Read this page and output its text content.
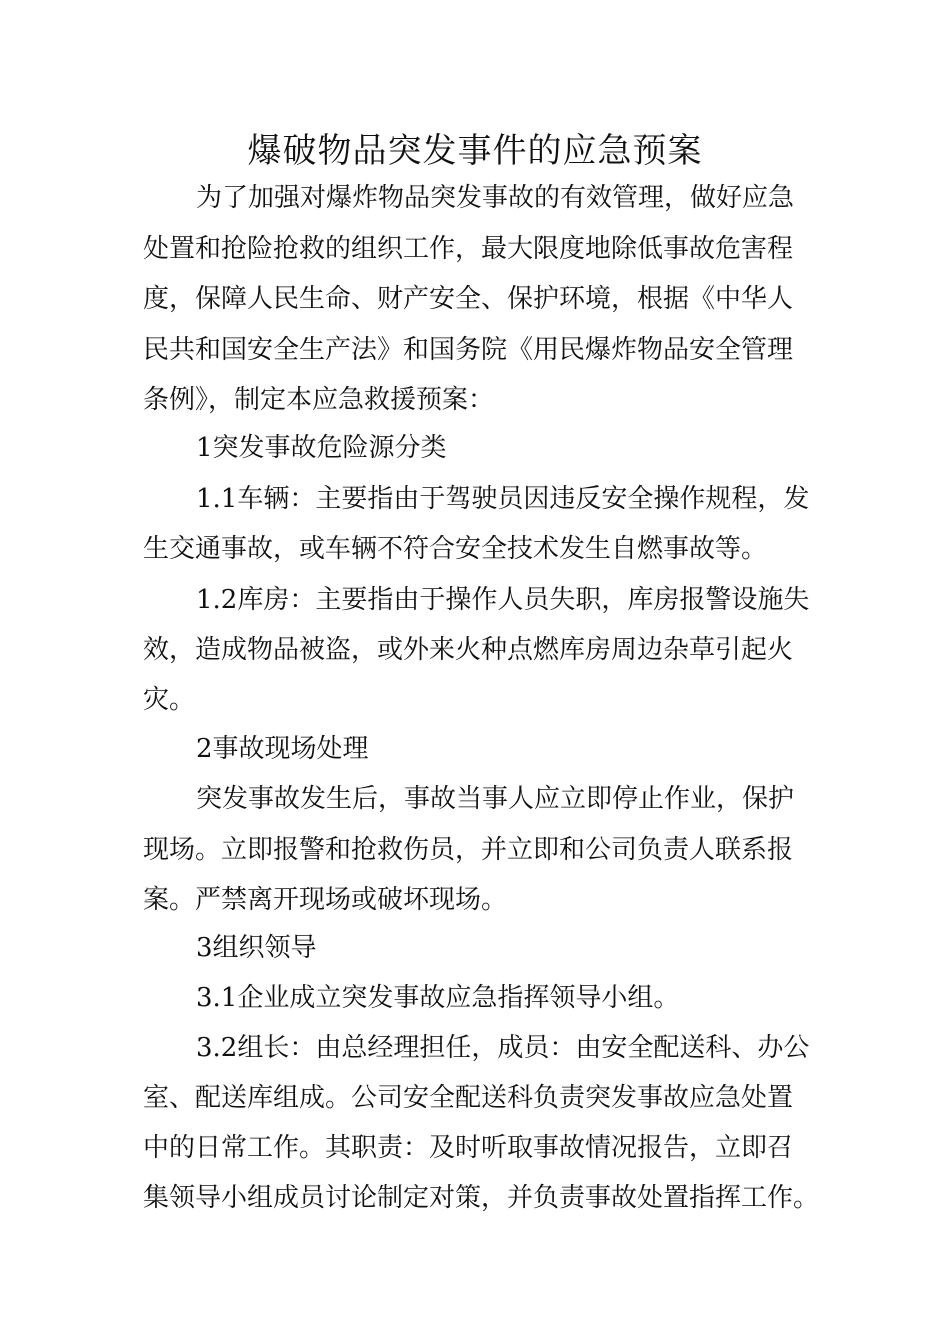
爆破物品突发事件的应急预案
为了加强对爆炸物品突发事故的有效管理，做好应急
处置和抢险抢救的组织工作，最大限度地除低事故危害程
度，保障人民生命、财产安全、保护环境，根据《中华人
民共和国安全生产法》和国务院《用民爆炸物品安全管理
条例》，制定本应急救援预案：
1突发事故危险源分类
1.1车辆：主要指由于驾驶员因违反安全操作规程，发
生交通事故，或车辆不符合安全技术发生自燃事故等。
1.2库房：主要指由于操作人员失职，库房报警设施失
效，造成物品被盗，或外来火种点燃库房周边杂草引起火
灾。
2事故现场处理
突发事故发生后，事故当事人应立即停止作业，保护
现场。立即报警和抢救伤员，并立即和公司负责人联系报
案。严禁离开现场或破坏现场。
3组织领导
3.1企业成立突发事故应急指挥领导小组。
3.2组长：由总经理担任，成员：由安全配送科、办公
室、配送库组成。公司安全配送科负责突发事故应急处置
中的日常工作。其职责：及时听取事故情况报告，立即召
集领导小组成员讨论制定对策，并负责事故处置指挥工作。
